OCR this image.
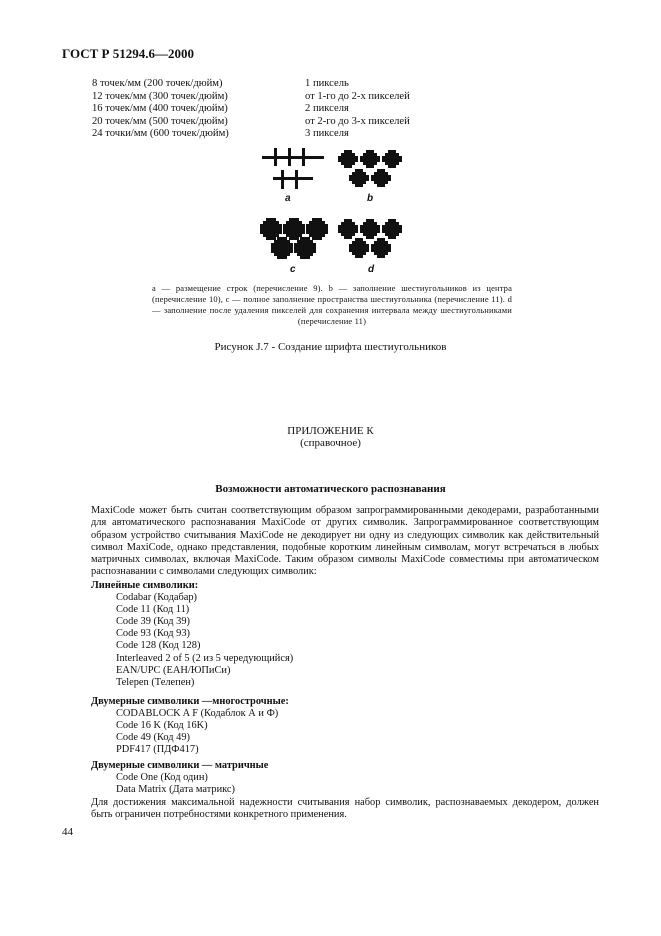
ГОСТ Р 51294.6—2000
8 точек/мм (200 точек/дюйм)	1 пиксель
12 точек/мм (300 точек/дюйм)	от 1-го до 2-х пикселей
16 точек/мм (400 точек/дюйм)	2 пикселя
20 точек/мм (500 точек/дюйм)	от 2-го до 3-х пикселей
24 точки/мм (600 точек/дюйм)	3 пикселя
a	b
c	d
a — размещение строк (перечисление 9). b — заполнение шестиугольников из центра (перечисление 10), c — полное заполнение пространства шестиугольника (перечисление 11). d — заполнение после удаления пикселей для сохранения интервала между шестиугольниками (перечисление 11)
Рисунок J.7 - Создание шрифта шестиугольников
ПРИЛОЖЕНИЕ К
(справочное)
Возможности автоматического распознавания
MaxiCode может быть считан соответствующим образом запрограммированными декодерами, разработанными для автоматического распознавания MaxiCode от других символик. Запрограммированное соответствующим образом устройство считывания MaxiCode не декодирует ни одну из следующих символик как действительный символ MaxiCode, однако представления, подобные коротким линейным символам, могут встречаться в любых матричных символах, включая MaxiCode. Таким образом символы MaxiCode совместимы при автоматическом распознавании с символами следующих символик:
Линейные символики:
Codabar (Кодабар)
Code 11 (Код 11)
Code 39 (Код 39)
Code 93 (Код 93)
Code 128 (Код 128)
Interleaved 2 of 5 (2 из 5 чередующийся)
EAN/UPC (EAH/ЮПиСи)
Telepen (Телепен)
Двумерные символики —многострочные:
CODABLOCK A F (Кодаблок А и Ф)
Code 16 K (Код 16K)
Code 49 (Код 49)
PDF417 (ПДФ417)
Двумерные символики — матричные
Code One (Код один)
Data Matrix (Дата матрикс)
Для достижения максимальной надежности считывания набор символик, распознаваемых декодером, должен быть ограничен потребностями конкретного применения.
44
